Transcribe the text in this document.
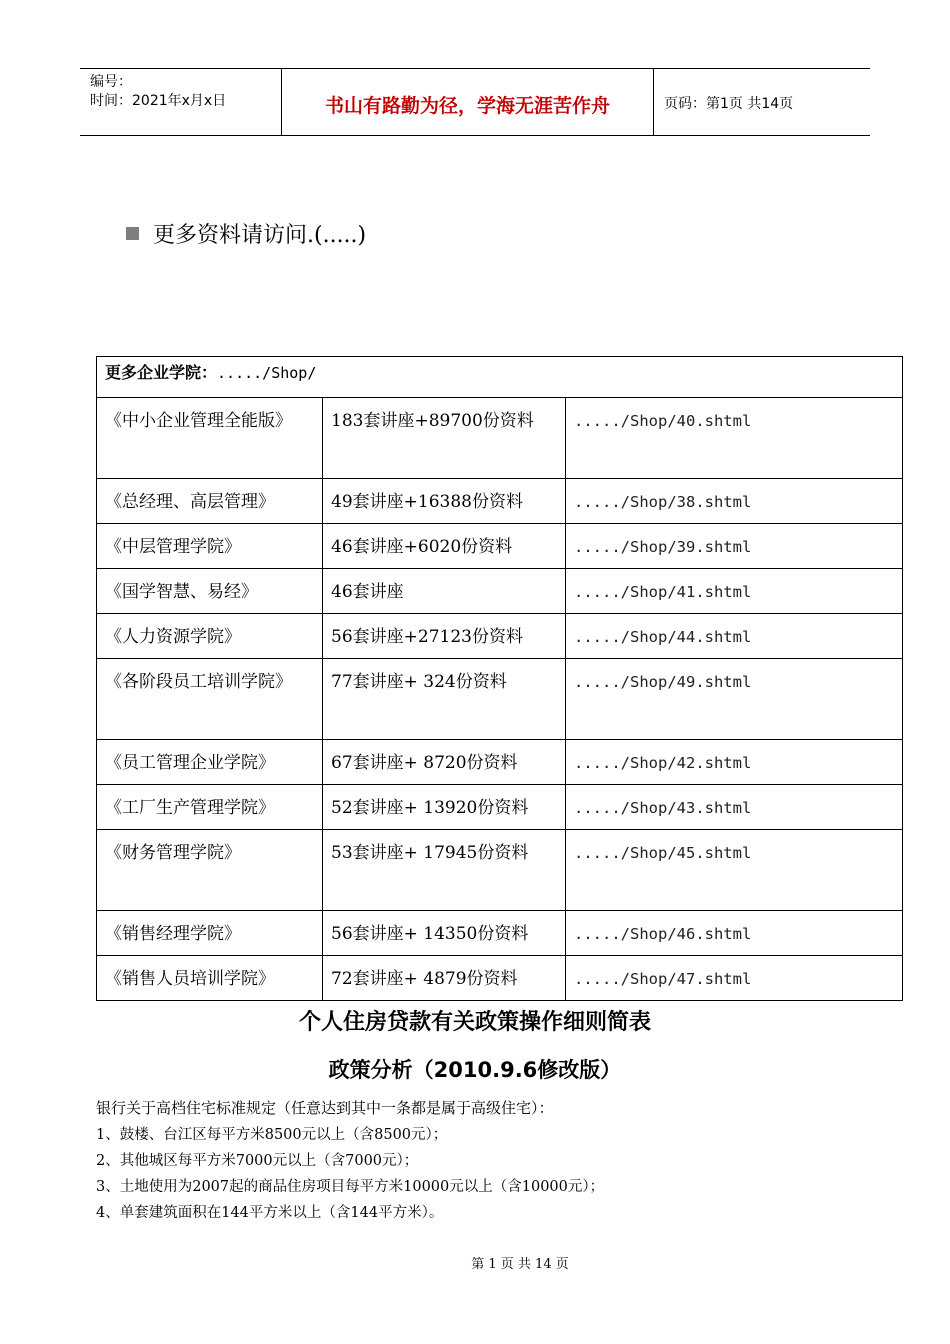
编号：
时间：2021年x月x日	书山有路勤为径，学海无涯苦作舟	页码：第1页 共14页
更多资料请访问.(.....)
更多企业学院：...../Shop/		
《中小企业管理全能版》	183套讲座+89700份资料	...../Shop/40.shtml
《总经理、高层管理》	49套讲座+16388份资料	...../Shop/38.shtml
《中层管理学院》	46套讲座+6020份资料	...../Shop/39.shtml
《国学智慧、易经》	46套讲座	...../Shop/41.shtml
《人力资源学院》	56套讲座+27123份资料	...../Shop/44.shtml
《各阶段员工培训学院》	77套讲座+ 324份资料	...../Shop/49.shtml
《员工管理企业学院》	67套讲座+ 8720份资料	...../Shop/42.shtml
《工厂生产管理学院》	52套讲座+ 13920份资料	...../Shop/43.shtml
《财务管理学院》	53套讲座+ 17945份资料	...../Shop/45.shtml
《销售经理学院》	56套讲座+ 14350份资料	...../Shop/46.shtml
《销售人员培训学院》	72套讲座+ 4879份资料	...../Shop/47.shtml
个人住房贷款有关政策操作细则简表
政策分析（2010.9.6修改版）
银行关于高档住宅标准规定（任意达到其中一条都是属于高级住宅）：
1、鼓楼、台江区每平方米8500元以上（含8500元）；
2、其他城区每平方米7000元以上（含7000元）；
3、土地使用为2007起的商品住房项目每平方米10000元以上（含10000元）；
4、单套建筑面积在144平方米以上（含144平方米）。
第 1 页 共 14 页
